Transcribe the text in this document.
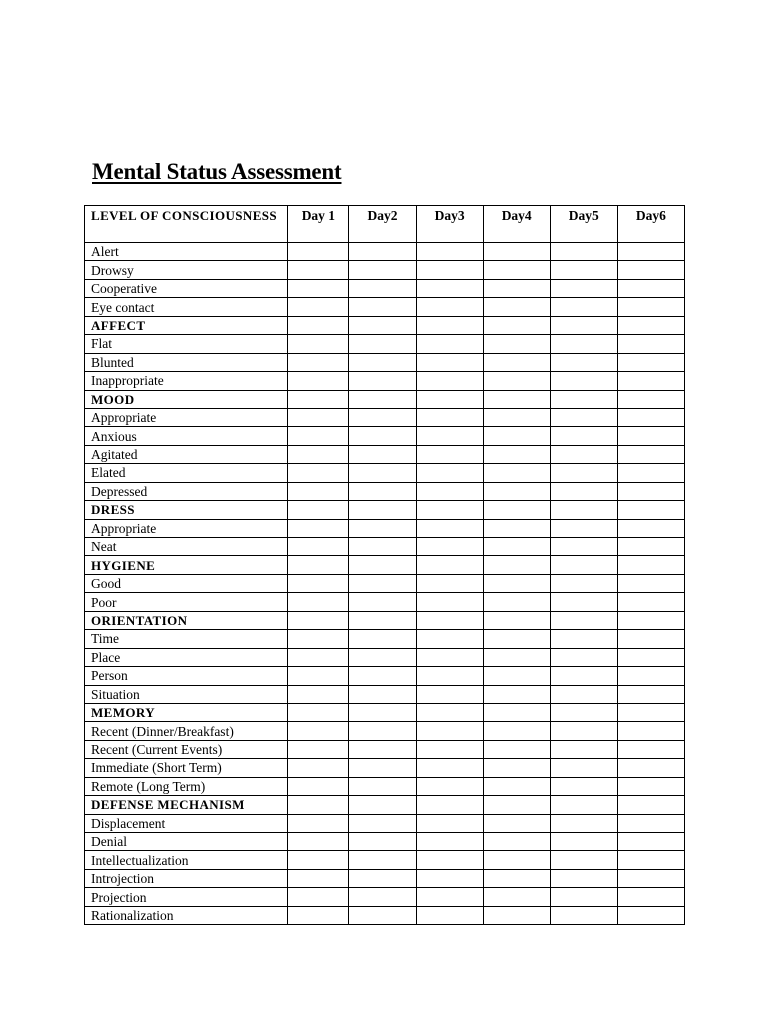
Mental Status Assessment
LEVEL OF CONSCIOUSNESS	Day 1	Day2	Day3	Day4	Day5	Day6
Alert						
Drowsy						
Cooperative						
Eye contact						
AFFECT						
Flat						
Blunted						
Inappropriate						
MOOD						
Appropriate						
Anxious						
Agitated						
Elated						
Depressed						
DRESS						
Appropriate						
Neat						
HYGIENE						
Good						
Poor						
ORIENTATION						
Time						
Place						
Person						
Situation						
MEMORY						
Recent (Dinner/Breakfast)						
Recent (Current Events)						
Immediate (Short Term)						
Remote (Long Term)						
DEFENSE MECHANISM						
Displacement						
Denial						
Intellectualization						
Introjection						
Projection						
Rationalization						
